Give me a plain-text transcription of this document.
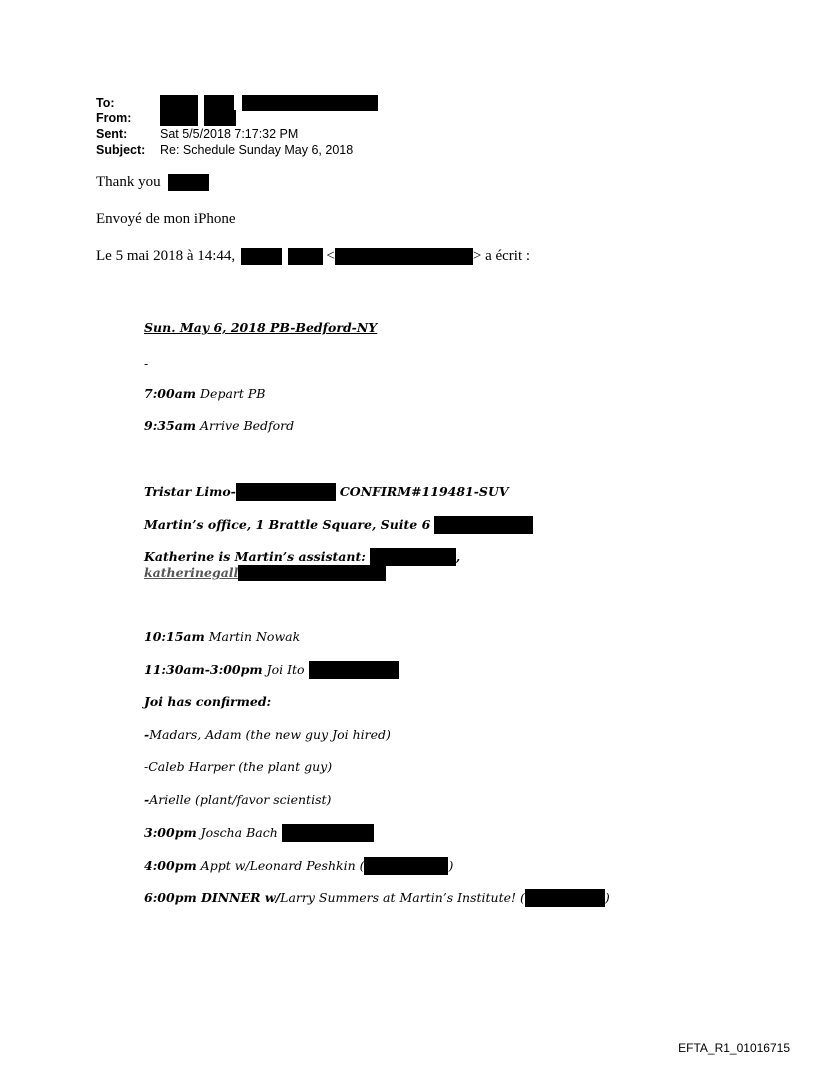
To:

From:

Sent:	Sat 5/5/2018 7:17:32 PM
Subject: Re: Schedule Sunday May 6, 2018
Thank you
Envoyé de mon iPhone
Le 5 mai 2018 à 14:44,	<	> a écrit :
Sun. May 6, 2018 PB-Bedford-NY
-
7:00am Depart PB
9:35am Arrive Bedford
Tristar Limo-	CONFIRM#119481-SUV
Martin’s office, 1 Brattle Square, Suite 6
Katherine is Martin’s assistant:	,
katherinegall
10:15am Martin Nowak
11:30am-3:00pm Joi Ito
Joi has confirmed:
-Madars, Adam (the new guy Joi hired)
-Caleb Harper (the plant guy)
-Arielle (plant/favor scientist)
3:00pm Joscha Bach
4:00pm Appt w/Leonard Peshkin (	)
6:00pm DINNER w/Larry Summers at Martin’s Institute! (	)
EFTA_R1_01016715
